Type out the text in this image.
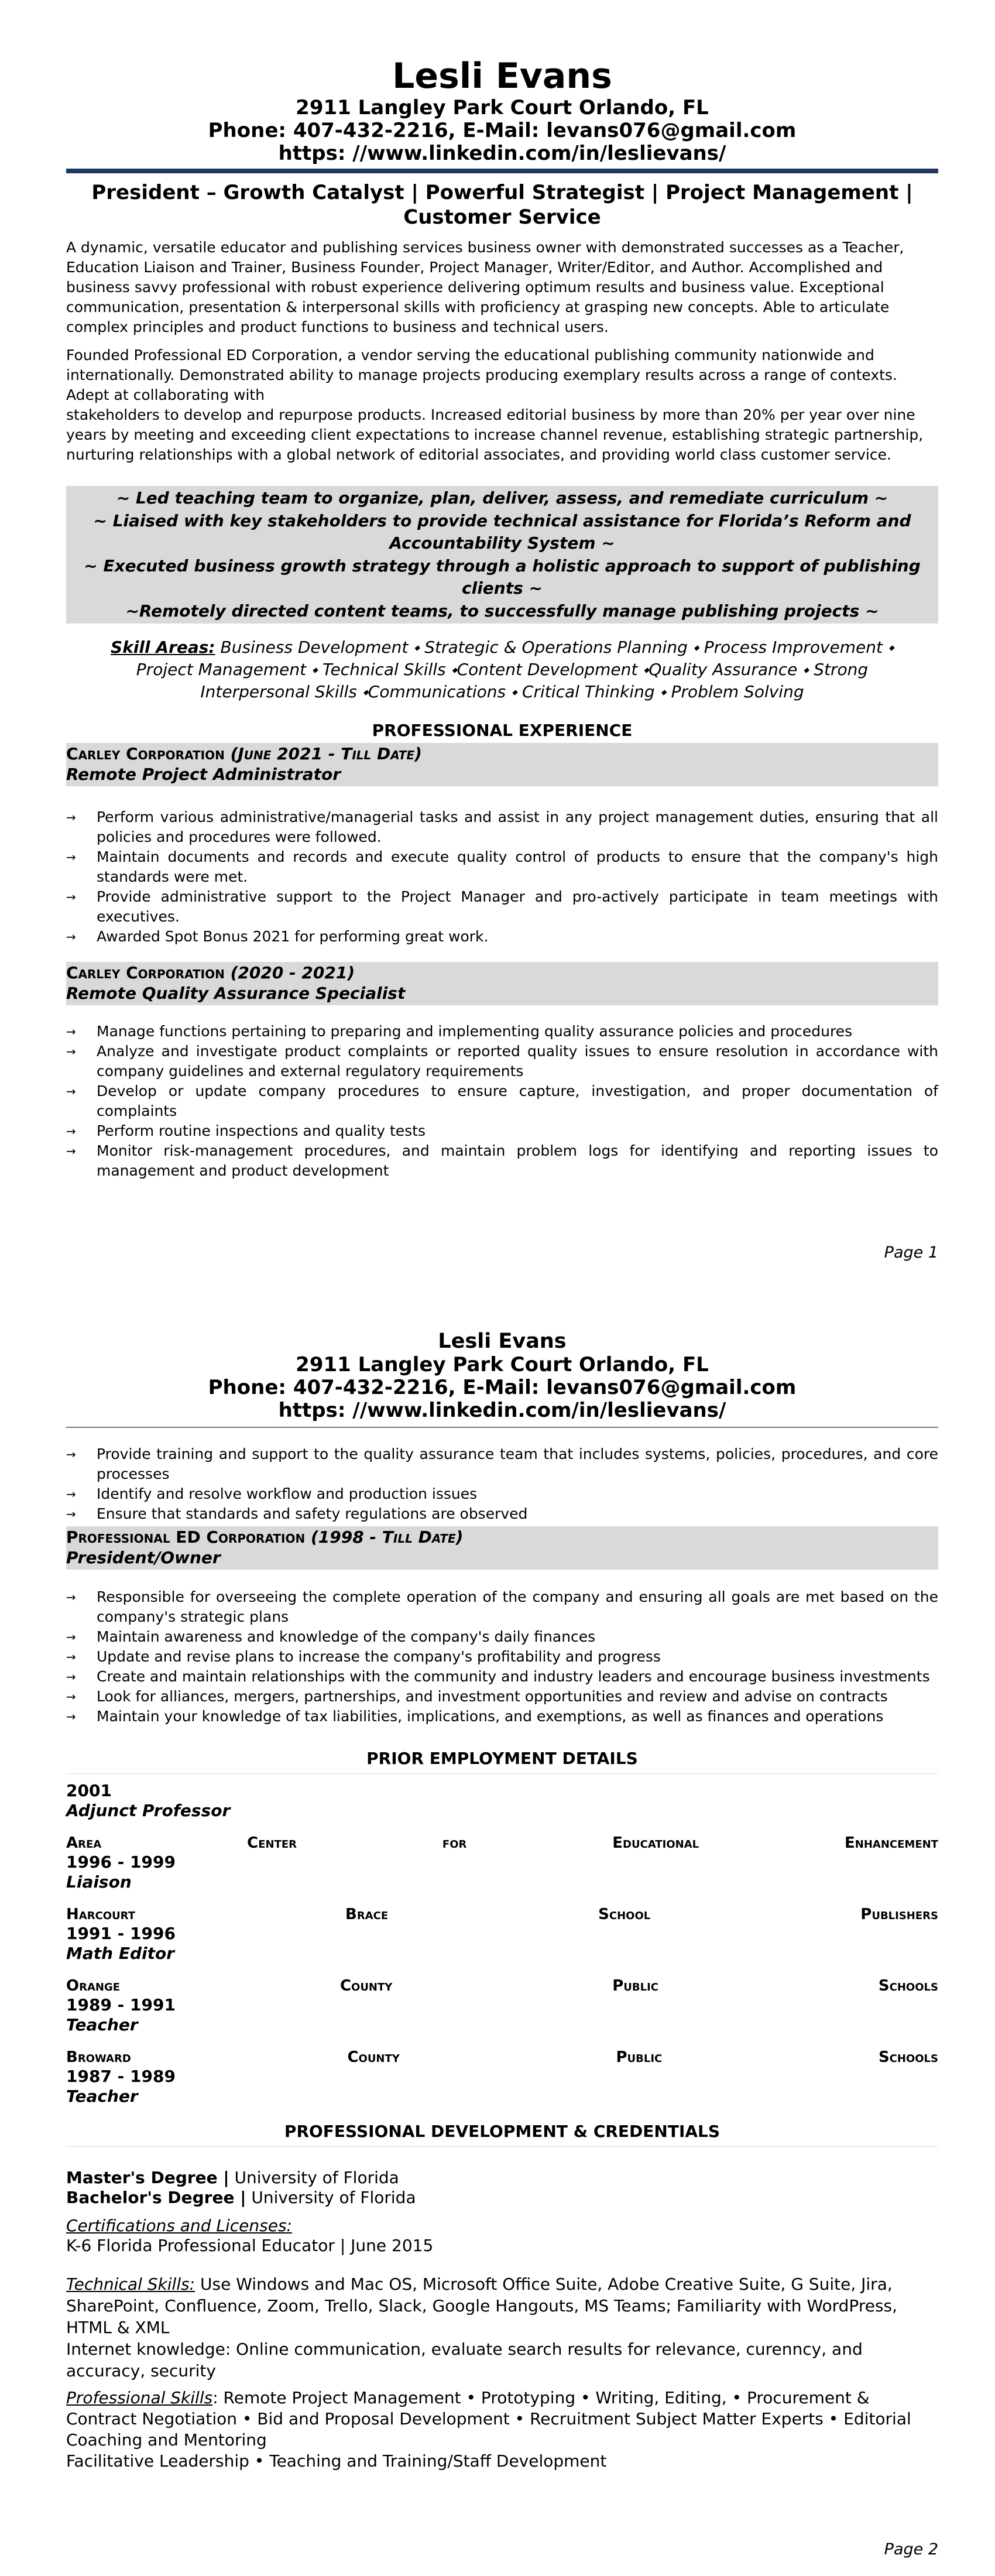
Lesli Evans
2911 Langley Park Court Orlando, FL
Phone: 407-432-2216, E-Mail: levans076@gmail.com
https: //www.linkedin.com/in/leslievans/
President – Growth Catalyst | Powerful Strategist | Project Management | Customer Service
A dynamic, versatile educator and publishing services business owner with demonstrated successes as a Teacher, Education Liaison and Trainer, Business Founder, Project Manager, Writer/Editor, and Author. Accomplished and business savvy professional with robust experience delivering optimum results and business value. Exceptional communication, presentation & interpersonal skills with proficiency at grasping new concepts. Able to articulate complex principles and product functions to business and technical users.
Founded Professional ED Corporation, a vendor serving the educational publishing community nationwide and internationally. Demonstrated ability to manage projects producing exemplary results across a range of contexts. Adept at collaborating with
stakeholders to develop and repurpose products. Increased editorial business by more than 20% per year over nine years by meeting and exceeding client expectations to increase channel revenue, establishing strategic partnership, nurturing relationships with a global network of editorial associates, and providing world class customer service.
~ Led teaching team to organize, plan, deliver, assess, and remediate curriculum ~
~ Liaised with key stakeholders to provide technical assistance for Florida’s Reform and Accountability System ~
~ Executed business growth strategy through a holistic approach to support of publishing clients ~
~Remotely directed content teams, to successfully manage publishing projects ~
Skill Areas: Business Development ⬩ Strategic & Operations Planning ⬩ Process Improvement ⬩ Project Management ⬩ Technical Skills ⬩Content Development ⬩Quality Assurance ⬩ Strong Interpersonal Skills ⬩Communications ⬩ Critical Thinking ⬩ Problem Solving
PROFESSIONAL EXPERIENCE
Carley Corporation (June 2021 - Till Date)
Remote Project Administrator
→ Perform various administrative/managerial tasks and assist in any project management duties, ensuring that all policies and procedures were followed.
→ Maintain documents and records and execute quality control of products to ensure that the company's high standards were met.
→ Provide administrative support to the Project Manager and pro-actively participate in team meetings with executives.
→ Awarded Spot Bonus 2021 for performing great work.
Carley Corporation (2020 - 2021)
Remote Quality Assurance Specialist
→ Manage functions pertaining to preparing and implementing quality assurance policies and procedures
→ Analyze and investigate product complaints or reported quality issues to ensure resolution in accordance with company guidelines and external regulatory requirements
→ Develop or update company procedures to ensure capture, investigation, and proper documentation of complaints
→ Perform routine inspections and quality tests
→ Monitor risk-management procedures, and maintain problem logs for identifying and reporting issues to management and product development
Page 1
Lesli Evans
2911 Langley Park Court Orlando, FL
Phone: 407-432-2216, E-Mail: levans076@gmail.com
https: //www.linkedin.com/in/leslievans/
→ Provide training and support to the quality assurance team that includes systems, policies, procedures, and core processes
→ Identify and resolve workflow and production issues
→ Ensure that standards and safety regulations are observed
Professional ED Corporation (1998 - Till Date)
President/Owner
→ Responsible for overseeing the complete operation of the company and ensuring all goals are met based on the company's strategic plans
→ Maintain awareness and knowledge of the company's daily finances
→ Update and revise plans to increase the company's profitability and progress
→ Create and maintain relationships with the community and industry leaders and encourage business investments
→ Look for alliances, mergers, partnerships, and investment opportunities and review and advise on contracts
→ Maintain your knowledge of tax liabilities, implications, and exemptions, as well as finances and operations
PRIOR EMPLOYMENT DETAILS
2001
Adjunct Professor
Area	Center	for	Educational	Enhancement
1996 - 1999
Liaison
Harcourt	Brace	School	Publishers
1991 - 1996
Math Editor
Orange	County	Public	Schools
1989 - 1991
Teacher
Broward	County	Public	Schools
1987 - 1989
Teacher
PROFESSIONAL DEVELOPMENT & CREDENTIALS
Master's Degree | University of Florida
Bachelor's Degree | University of Florida
Certifications and Licenses:
K-6 Florida Professional Educator | June 2015
Technical Skills: Use Windows and Mac OS, Microsoft Office Suite, Adobe Creative Suite, G Suite, Jira, SharePoint, Confluence, Zoom, Trello, Slack, Google Hangouts, MS Teams; Familiarity with WordPress, HTML & XML
Internet knowledge: Online communication, evaluate search results for relevance, curenncy, and accuracy, security
Professional Skills: Remote Project Management • Prototyping • Writing, Editing, • Procurement & Contract Negotiation • Bid and Proposal Development • Recruitment Subject Matter Experts • Editorial Coaching and Mentoring
Facilitative Leadership • Teaching and Training/Staff Development
Page 2
